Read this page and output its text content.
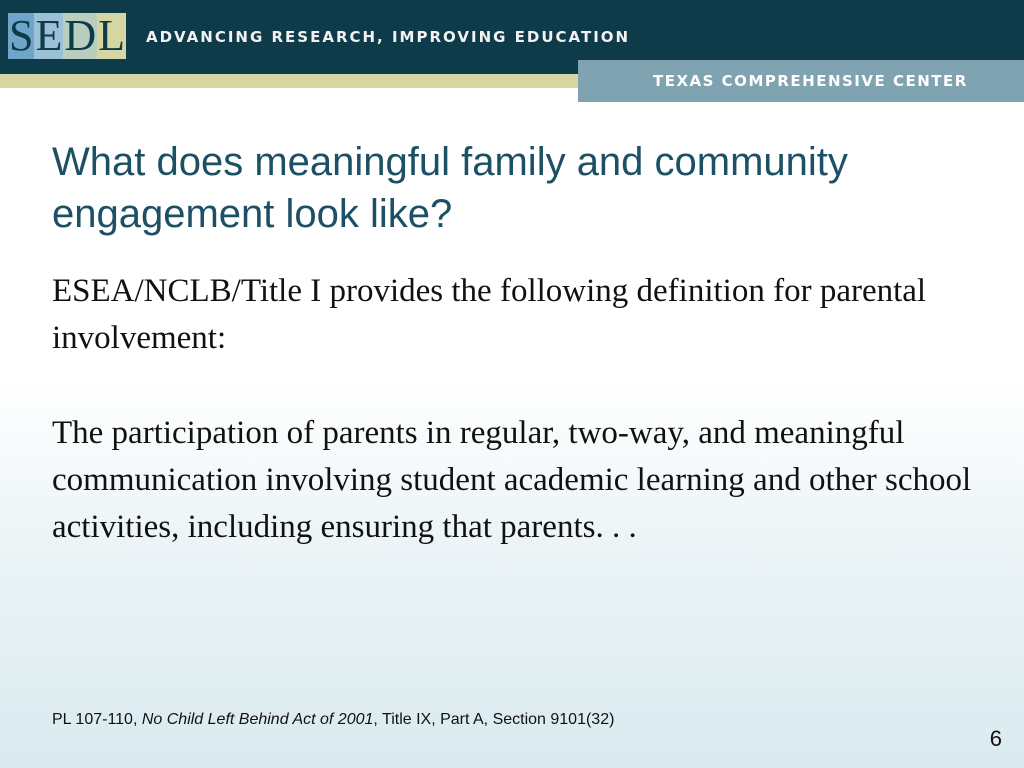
S E D L ADVANCING RESEARCH, IMPROVING EDUCATION
TEXAS COMPREHENSIVE CENTER
What does meaningful family and community engagement look like?
ESEA/NCLB/Title I provides the following definition for parental involvement:
The participation of parents in regular, two-way, and meaningful communication involving student academic learning and other school activities, including ensuring that parents. . .
PL 107-110, No Child Left Behind Act of 2001, Title IX, Part A, Section 9101(32)
6
